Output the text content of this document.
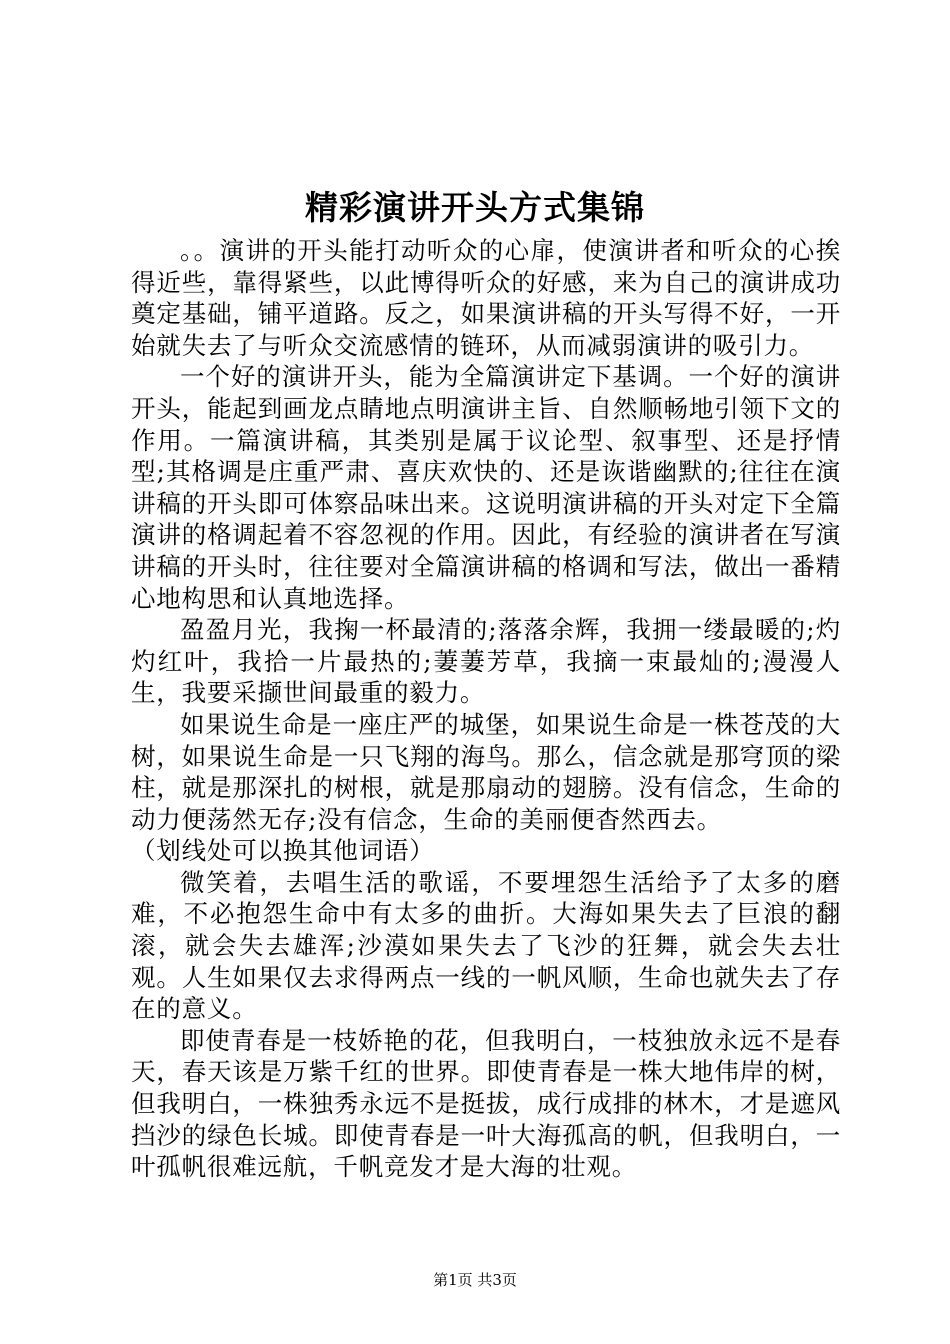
精彩演讲开头方式集锦

。。演讲的开头能打动听众的心扉，使演讲者和听众的心挨得近些，靠得紧些，以此博得听众的好感，来为自己的演讲成功奠定基础，铺平道路。反之，如果演讲稿的开头写得不好，一开始就失去了与听众交流感情的链环，从而减弱演讲的吸引力。

一个好的演讲开头，能为全篇演讲定下基调。一个好的演讲开头，能起到画龙点睛地点明演讲主旨、自然顺畅地引领下文的作用。一篇演讲稿，其类别是属于议论型、叙事型、还是抒情型;其格调是庄重严肃、喜庆欢快的、还是诙谐幽默的;往往在演讲稿的开头即可体察品味出来。这说明演讲稿的开头对定下全篇演讲的格调起着不容忽视的作用。因此，有经验的演讲者在写演讲稿的开头时，往往要对全篇演讲稿的格调和写法，做出一番精心地构思和认真地选择。

盈盈月光，我掬一杯最清的;落落余辉，我拥一缕最暖的;灼灼红叶，我拾一片最热的;萋萋芳草，我摘一束最灿的;漫漫人生，我要采撷世间最重的毅力。

如果说生命是一座庄严的城堡，如果说生命是一株苍茂的大树，如果说生命是一只飞翔的海鸟。那么，信念就是那穹顶的梁柱，就是那深扎的树根，就是那扇动的翅膀。没有信念，生命的动力便荡然无存;没有信念，生命的美丽便杳然西去。

（划线处可以换其他词语）

微笑着，去唱生活的歌谣，不要埋怨生活给予了太多的磨难，不必抱怨生命中有太多的曲折。大海如果失去了巨浪的翻滚，就会失去雄浑;沙漠如果失去了飞沙的狂舞，就会失去壮观。人生如果仅去求得两点一线的一帆风顺，生命也就失去了存在的意义。

即使青春是一枝娇艳的花，但我明白，一枝独放永远不是春天，春天该是万紫千红的世界。即使青春是一株大地伟岸的树，但我明白，一株独秀永远不是挺拔，成行成排的林木，才是遮风挡沙的绿色长城。即使青春是一叶大海孤高的帆，但我明白，一叶孤帆很难远航，千帆竞发才是大海的壮观。

第1页 共3页
